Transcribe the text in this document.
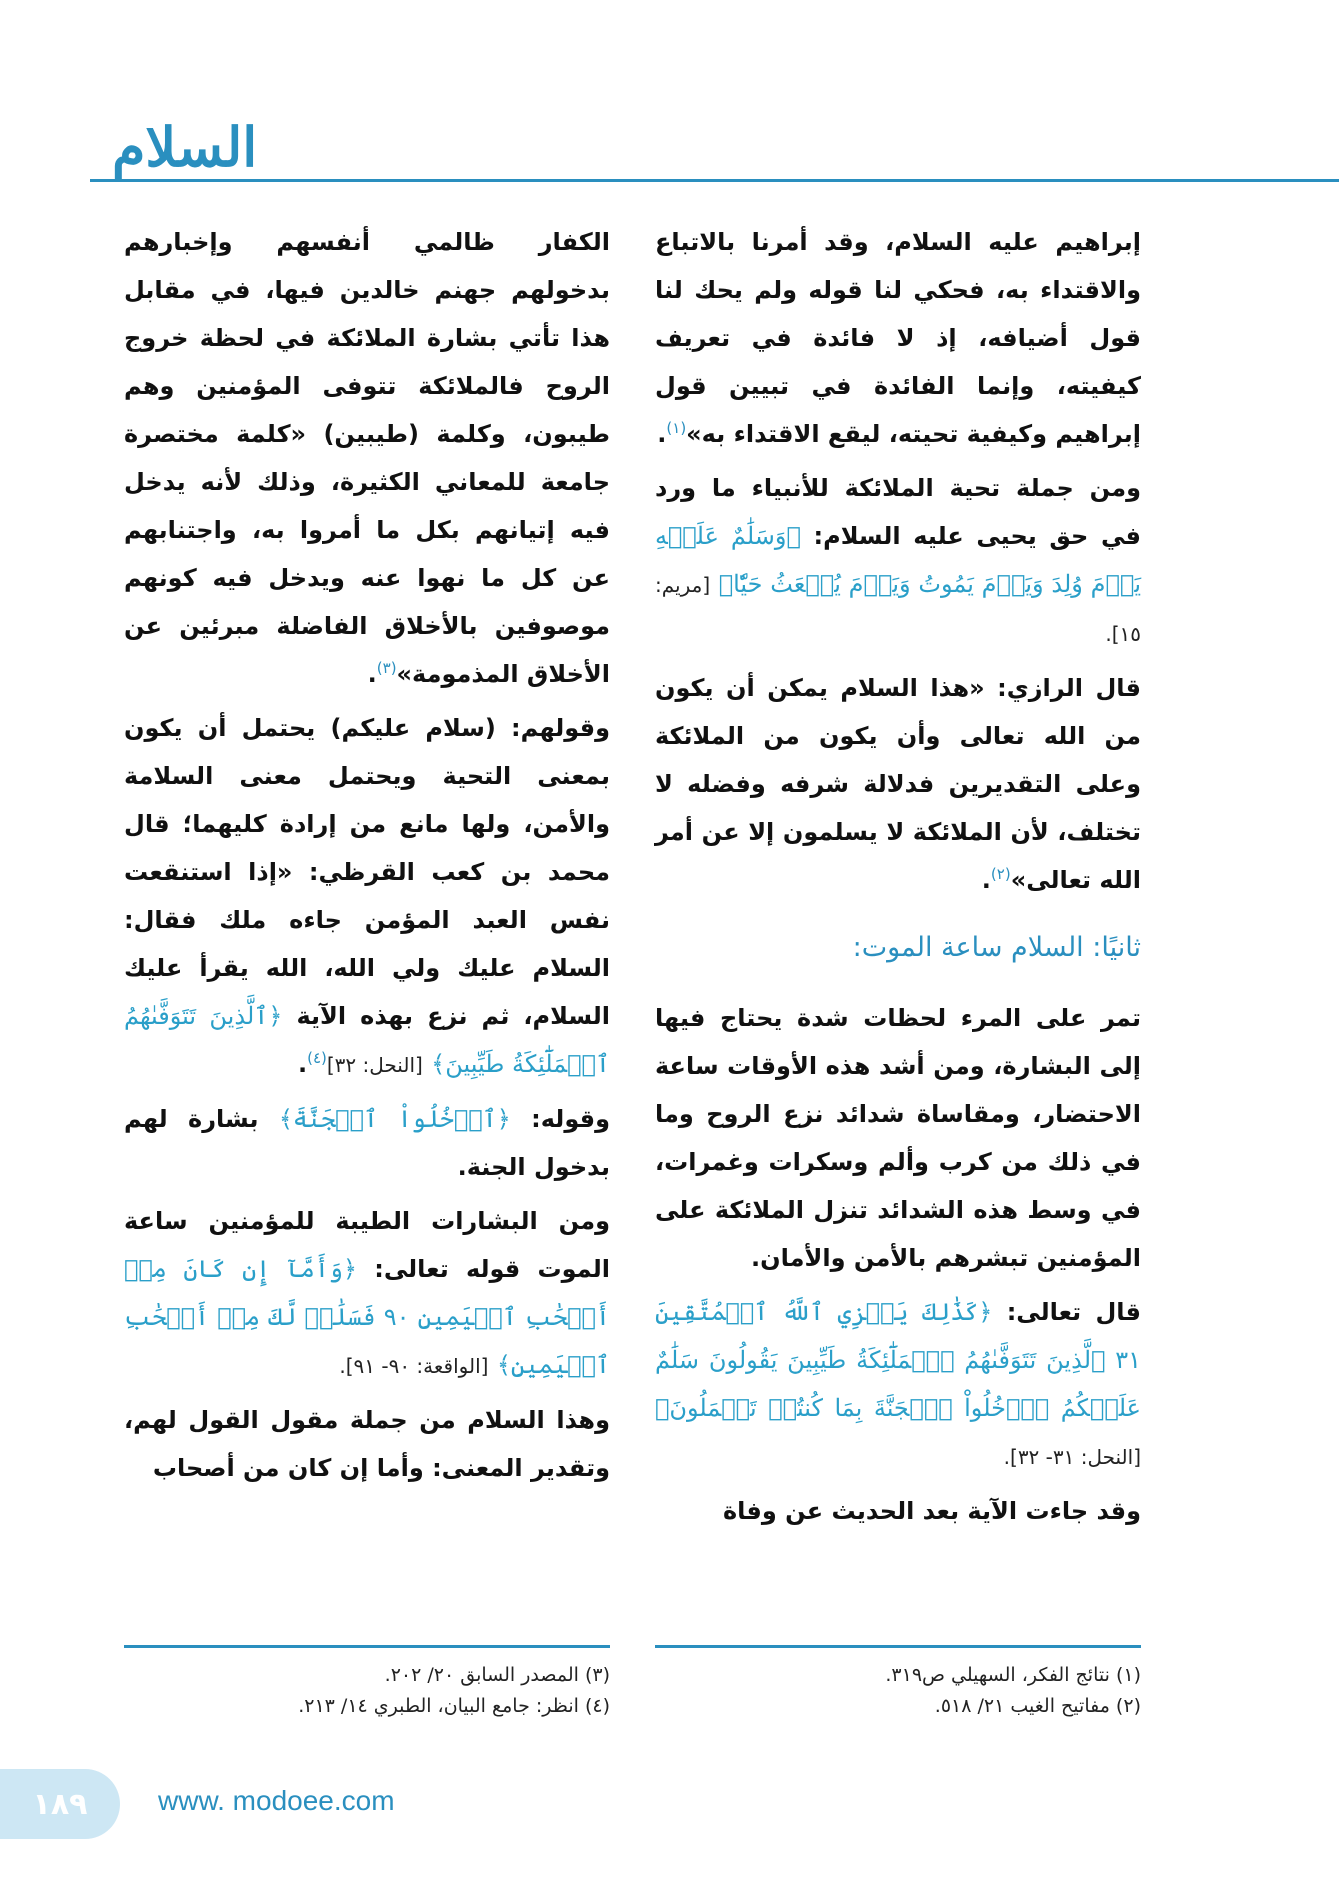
السلام

إبراهيم عليه السلام، وقد أمرنا بالاتباع والاقتداء به، فحكي لنا قوله ولم يحك لنا قول أضيافه، إذ لا فائدة في تعريف كيفيته، وإنما الفائدة في تبيين قول إبراهيم وكيفية تحيته، ليقع الاقتداء به»$^{(١)}$.

ومن جملة تحية الملائكة للأنبياء ما ورد في حق يحيى عليه السلام: ﴿وَسَلَٰمٌ عَلَيۡهِ يَوۡمَ وُلِدَ وَيَوۡمَ يَمُوتُ وَيَوۡمَ يُبۡعَثُ حَيّٗا﴾ [مريم: ١٥].

قال الرازي: «هذا السلام يمكن أن يكون من الله تعالى وأن يكون من الملائكة وعلى التقديرين فدلالة شرفه وفضله لا تختلف، لأن الملائكة لا يسلمون إلا عن أمر الله تعالى»$^{(٢)}$.

ثانيًا: السلام ساعة الموت:

تمر على المرء لحظات شدة يحتاج فيها إلى البشارة، ومن أشد هذه الأوقات ساعة الاحتضار، ومقاساة شدائد نزع الروح وما في ذلك من كرب وألم وسكرات وغمرات، في وسط هذه الشدائد تنزل الملائكة على المؤمنين تبشرهم بالأمن والأمان.

قال تعالى: ﴿كَذَٰلِكَ يَجۡزِي ٱللَّهُ ٱلۡمُتَّقِينَ ٣١ ٱلَّذِينَ تَتَوَفَّىٰهُمُ ٱلۡمَلَٰٓئِكَةُ طَيِّبِينَ يَقُولُونَ سَلَٰمٌ عَلَيۡكُمُ ٱدۡخُلُواْ ٱلۡجَنَّةَ بِمَا كُنتُمۡ تَعۡمَلُونَ﴾ [النحل: ٣١- ٣٢].

وقد جاءت الآية بعد الحديث عن وفاة

الكفار ظالمي أنفسهم وإخبارهم بدخولهم جهنم خالدين فيها، في مقابل هذا تأتي بشارة الملائكة في لحظة خروج الروح فالملائكة تتوفى المؤمنين وهم طيبون، وكلمة (طيبين) «كلمة مختصرة جامعة للمعاني الكثيرة، وذلك لأنه يدخل فيه إتيانهم بكل ما أمروا به، واجتنابهم عن كل ما نهوا عنه ويدخل فيه كونهم موصوفين بالأخلاق الفاضلة مبرئين عن الأخلاق المذمومة»$^{(٣)}$.

وقولهم: (سلام عليكم) يحتمل أن يكون بمعنى التحية ويحتمل معنى السلامة والأمن، ولها مانع من إرادة كليهما؛ قال محمد بن كعب القرظي: «إذا استنقعت نفس العبد المؤمن جاءه ملك فقال: السلام عليك ولي الله، الله يقرأ عليك السلام، ثم نزع بهذه الآية ﴿ٱلَّذِينَ تَتَوَفَّىٰهُمُ ٱلۡمَلَٰٓئِكَةُ طَيِّبِينَ﴾ [النحل: ٣٢]$^{(٤)}$.

وقوله: ﴿ٱدۡخُلُواْ ٱلۡجَنَّةَ﴾ بشارة لهم بدخول الجنة.

ومن البشارات الطيبة للمؤمنين ساعة الموت قوله تعالى: ﴿وَأَمَّآ إِن كَانَ مِنۡ أَصۡحَٰبِ ٱلۡيَمِينِ ٩٠ فَسَلَٰمٞ لَّكَ مِنۡ أَصۡحَٰبِ ٱلۡيَمِينِ﴾ [الواقعة: ٩٠- ٩١].

وهذا السلام من جملة مقول القول لهم، وتقدير المعنى: وأما إن كان من أصحاب

(١) نتائج الفكر، السهيلي ص٣١٩.
(٢) مفاتيح الغيب ٢١/ ٥١٨.
(٣) المصدر السابق ٢٠/ ٢٠٢.
(٤) انظر: جامع البيان، الطبري ١٤/ ٢١٣.
١٨٩	www. modoee.com
